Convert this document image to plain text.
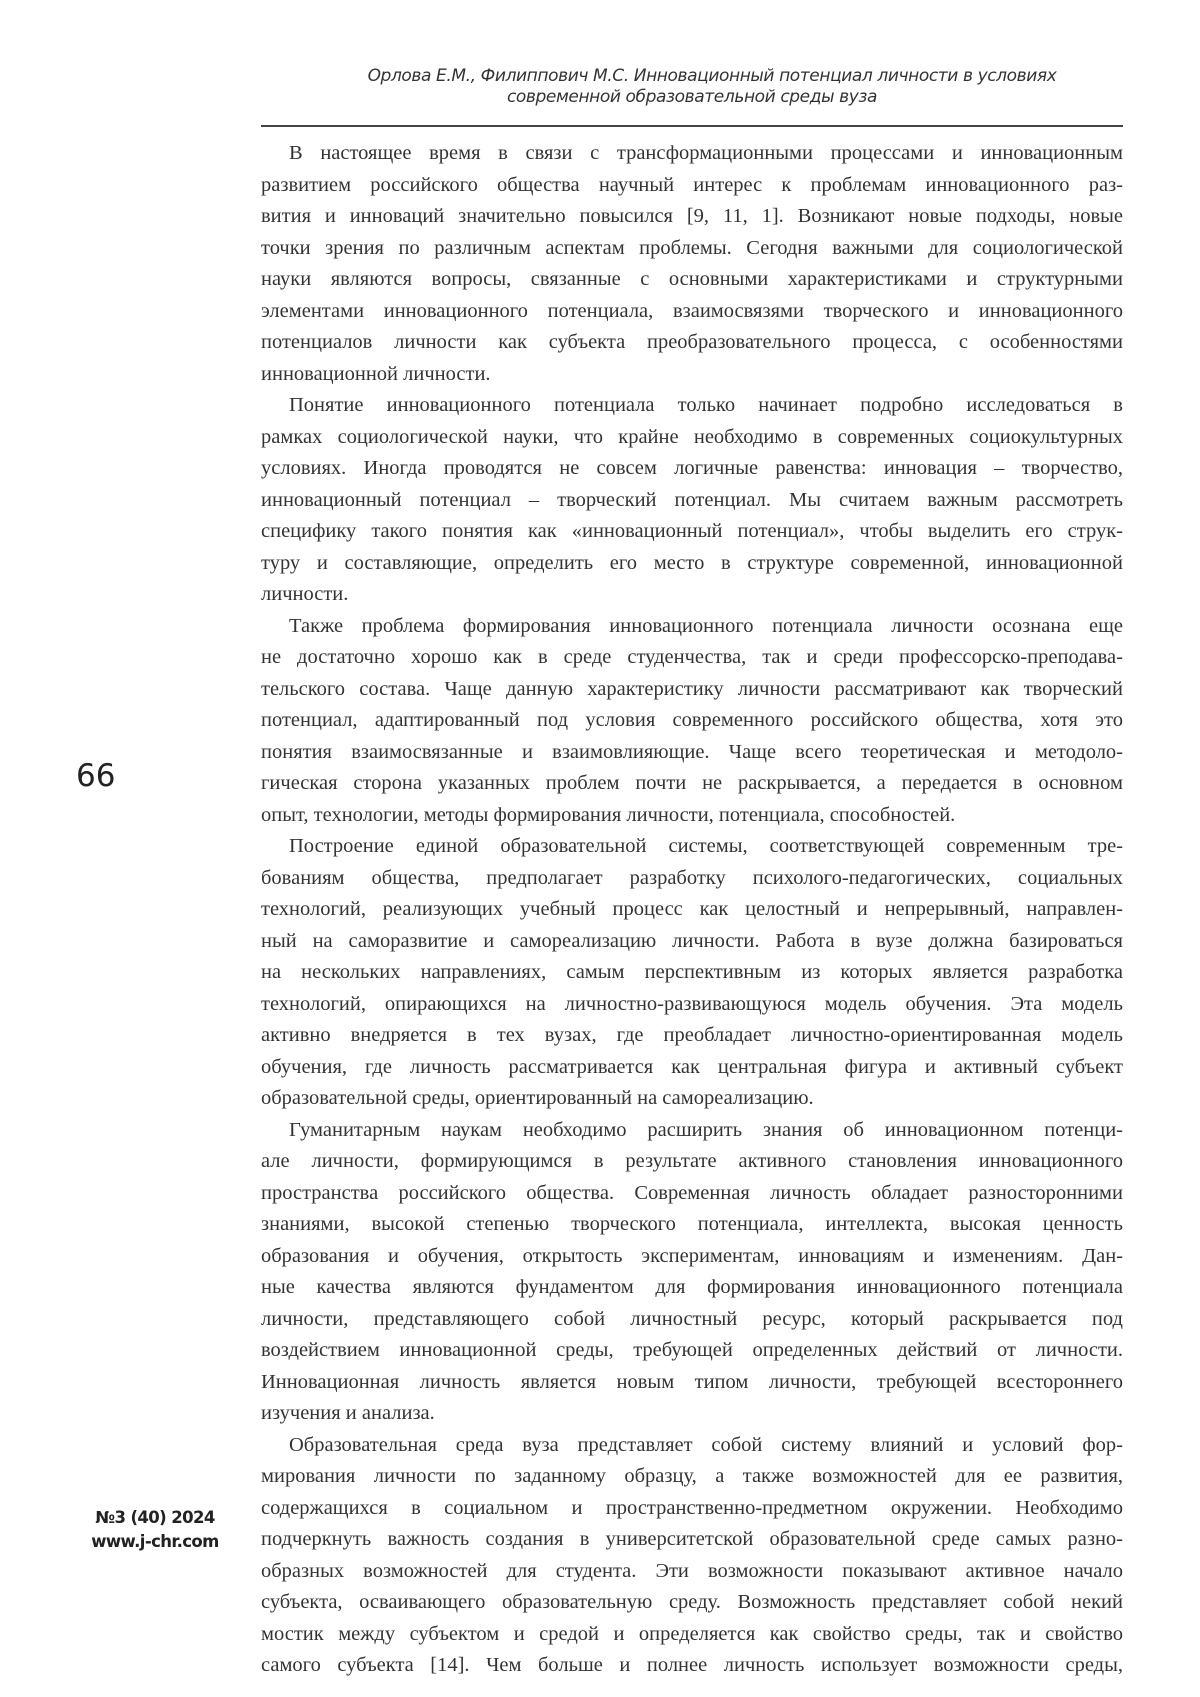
Орлова Е.М., Филиппович М.С. Инновационный потенциал личности в условиях
современной образовательной среды вуза
В настоящее время в связи с трансформационными процессами и инновационным
развитием российского общества научный интерес к проблемам инновационного раз-
вития и инноваций значительно повысился [9, 11, 1]. Возникают новые подходы, новые
точки зрения по различным аспектам проблемы. Сегодня важными для социологической
науки являются вопросы, связанные с основными характеристиками и структурными
элементами инновационного потенциала, взаимосвязями творческого и инновационного
потенциалов личности как субъекта преобразовательного процесса, с особенностями
инновационной личности.
Понятие инновационного потенциала только начинает подробно исследоваться в
рамках социологической науки, что крайне необходимо в современных социокультурных
условиях. Иногда проводятся не совсем логичные равенства: инновация – творчество,
инновационный потенциал – творческий потенциал. Мы считаем важным рассмотреть
специфику такого понятия как «инновационный потенциал», чтобы выделить его струк-
туру и составляющие, определить его место в структуре современной, инновационной
личности.
Также проблема формирования инновационного потенциала личности осознана еще
не достаточно хорошо как в среде студенчества, так и среди профессорско-преподава-
тельского состава. Чаще данную характеристику личности рассматривают как творческий
потенциал, адаптированный под условия современного российского общества, хотя это
понятия взаимосвязанные и взаимовлияющие. Чаще всего теоретическая и методоло-
гическая сторона указанных проблем почти не раскрывается, а передается в основном
опыт, технологии, методы формирования личности, потенциала, способностей.
Построение единой образовательной системы, соответствующей современным тре-
бованиям общества, предполагает разработку психолого-педагогических, социальных
технологий, реализующих учебный процесс как целостный и непрерывный, направлен-
ный на саморазвитие и самореализацию личности. Работа в вузе должна базироваться
на нескольких направлениях, самым перспективным из которых является разработка
технологий, опирающихся на личностно-развивающуюся модель обучения. Эта модель
активно внедряется в тех вузах, где преобладает личностно-ориентированная модель
обучения, где личность рассматривается как центральная фигура и активный субъект
образовательной среды, ориентированный на самореализацию.
Гуманитарным наукам необходимо расширить знания об инновационном потенци-
але личности, формирующимся в результате активного становления инновационного
пространства российского общества. Современная личность обладает разносторонними
знаниями, высокой степенью творческого потенциала, интеллекта, высокая ценность
образования и обучения, открытость экспериментам, инновациям и изменениям. Дан-
ные качества являются фундаментом для формирования инновационного потенциала
личности, представляющего собой личностный ресурс, который раскрывается под
воздействием инновационной среды, требующей определенных действий от личности.
Инновационная личность является новым типом личности, требующей всестороннего
изучения и анализа.
Образовательная среда вуза представляет собой систему влияний и условий фор-
мирования личности по заданному образцу, а также возможностей для ее развития,
содержащихся в социальном и пространственно-предметном окружении. Необходимо
подчеркнуть важность создания в университетской образовательной среде самых разно-
образных возможностей для студента. Эти возможности показывают активное начало
субъекта, осваивающего образовательную среду. Возможность представляет собой некий
мостик между субъектом и средой и определяется как свойство среды, так и свойство
самого субъекта [14]. Чем больше и полнее личность использует возможности среды,
66
№3 (40) 2024
www.j-chr.com
